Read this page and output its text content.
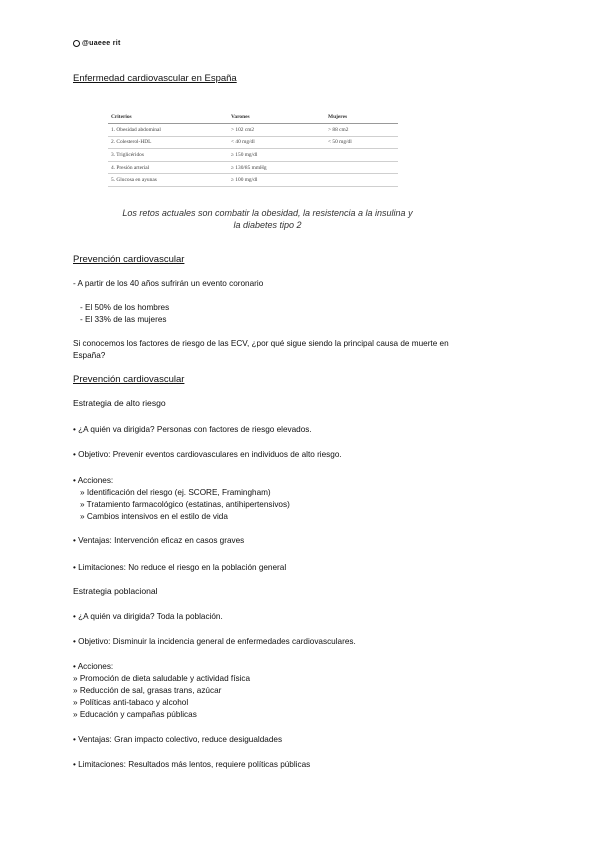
@uaeee rit
Enfermedad cardiovascular en España
Criterios	Varones	Mujeres
1. Obesidad abdominal	> 102 cm2	> 88 cm2
2. Colesterol-HDL	< 40 mg/dl	< 50 mg/dl
3. Triglicéridos	≥ 150 mg/dl	
4. Presión arterial	≥ 130/85 mmHg	
5. Glucosa en ayunas	≥ 100 mg/dl	
Los retos actuales son combatir la obesidad, la resistencia a la insulina y
la diabetes tipo 2
Prevención cardiovascular
- A partir de los 40 años sufrirán un evento coronario
- El 50% de los hombres
- El 33% de las mujeres
Si conocemos los factores de riesgo de las ECV, ¿por qué sigue siendo la principal causa de muerte en
España?
Prevención cardiovascular
Estrategia de alto riesgo
• ¿A quién va dirigida? Personas con factores de riesgo elevados.
• Objetivo: Prevenir eventos cardiovasculares en individuos de alto riesgo.
• Acciones:
» Identificación del riesgo (ej. SCORE, Framingham)
» Tratamiento farmacológico (estatinas, antihipertensivos)
» Cambios intensivos en el estilo de vida
• Ventajas: Intervención eficaz en casos graves
• Limitaciones: No reduce el riesgo en la población general
Estrategia poblacional
• ¿A quién va dirigida? Toda la población.
• Objetivo: Disminuir la incidencia general de enfermedades cardiovasculares.
• Acciones:
» Promoción de dieta saludable y actividad física
» Reducción de sal, grasas trans, azúcar
» Políticas anti-tabaco y alcohol
» Educación y campañas públicas
• Ventajas: Gran impacto colectivo, reduce desigualdades
• Limitaciones: Resultados más lentos, requiere políticas públicas
